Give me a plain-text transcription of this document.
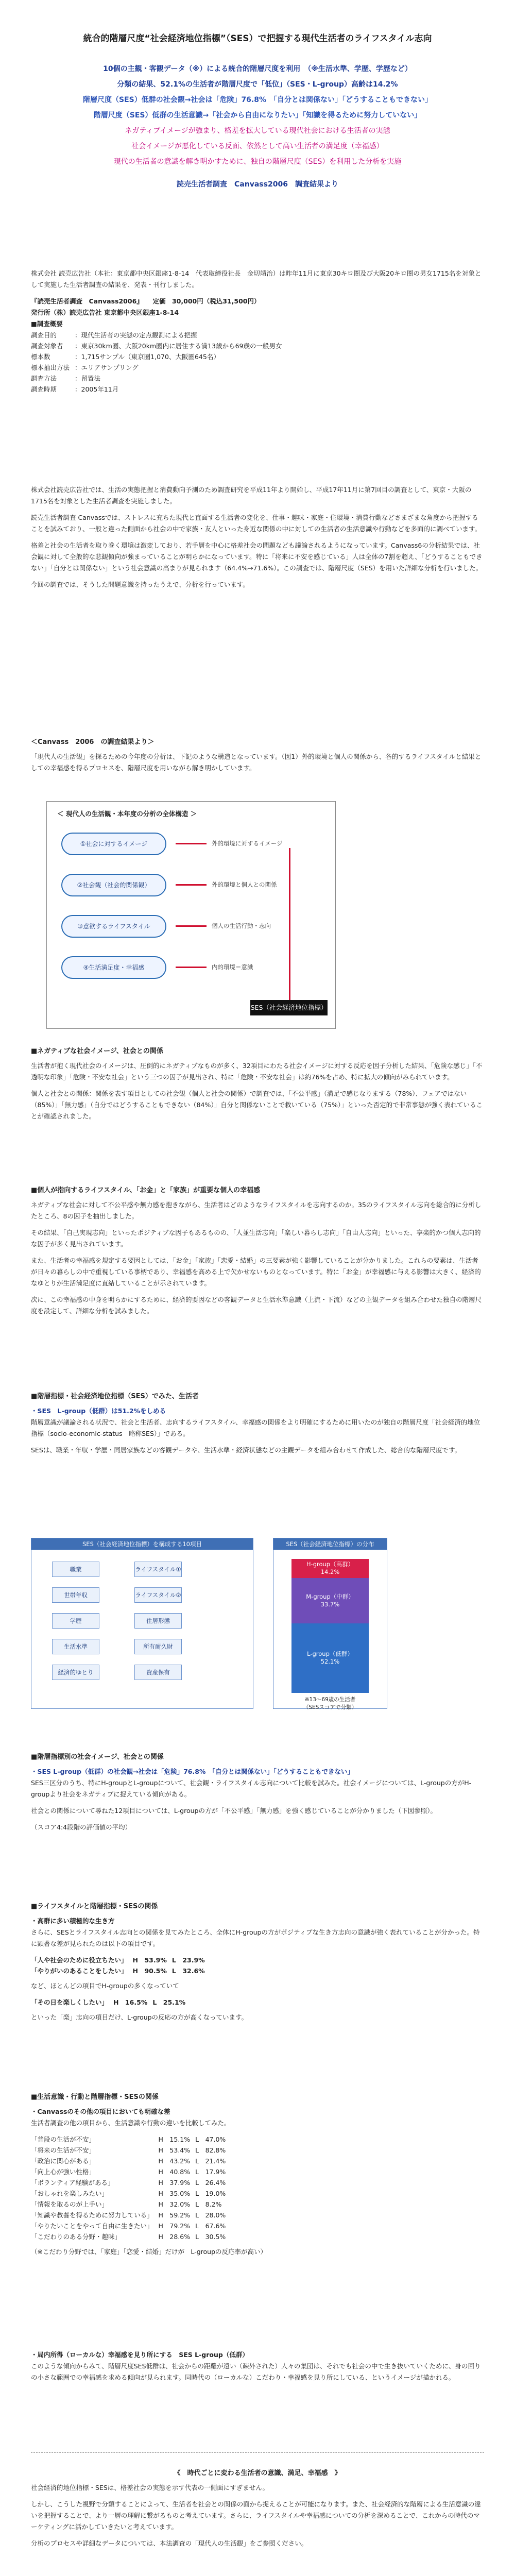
統合的階層尺度“社会経済地位指標”（SES）で把握する現代生活者のライフスタイル志向
10個の主観・客観データ（※）による統合的階層尺度を利用　（※生活水準、学歴、学歴など）
分類の結果、52.1%の生活者が階層尺度で「低位」（SES・L-group）高齢は14.2%
階層尺度（SES）低群の社会観→社会は「危険」76.8%　「自分とは関係ない」「どうすることもできない」
階層尺度（SES）低群の生活意識→「社会から自由になりたい」「知識を得るために努力していない」
ネガティブイメージが強まり、格差を拡大している現代社会における生活者の実態
社会イメージが悪化している反面、依然として高い生活者の満足度（幸福感）
現代の生活者の意識を解き明かすために、独自の階層尺度（SES）を利用した分析を実施
読売生活者調査　Canvass2006　調査結果より

株式会社 読売広告社（本社：東京都中央区銀座1-8-14　代表取締役社長　金切靖治）は昨年11月に東京30キロ圏及び大阪20キロ圏の男女1715名を対象として実施した生活者調査の結果を、発表・刊行しました。

『読売生活者調査　Canvass2006』　　定価　30,000円（税込31,500円）
発行所（株）読売広告社 東京都中央区銀座1-8-14
■調査概要
調査目的	：現代生活者の実態の定点観測による把握
調査対象者	：東京30km圏、大阪20km圏内に居住する満13歳から69歳の一般男女
標本数	：1,715サンプル（東京圏1,070、大阪圏645名）
標本抽出方法	：エリアサンプリング
調査方法	：留置法
調査時期	：2005年11月

株式会社読売広告社では、生活の実態把握と消費動向予測のため調査研究を平成11年より開始し、平成17年11月に第7回目の調査として、東京・大阪の1715名を対象とした生活者調査を実施しました。

読売生活者調査 Canvassでは、ストレスに充ちた現代と直面する生活者の変化を、仕事・趣味・家庭・住環境・消費行動などさまざまな角度から把握することを試みており、一般と違った側面から社会の中で家族・友人といった身近な関係の中に対しての生活者の生活意識や行動などを多面的に調べています。

格差と社会の生活者を取り巻く環境は激変しており、若手層を中心に格差社会の問題なども議論されるようになっています。Canvass6の分析結果では、社会観に対して全般的な悲観傾向が強まっていることが明らかになっています。特に「将来に不安を感じている」人は全体の7割を超え、「どうすることもできない」「自分とは関係ない」という社会意識の高まりが見られます（64.4%→71.6%）。この調査では、階層尺度（SES）を用いた詳細な分析を行いました。

今回の調査では、そうした問題意識を持ったうえで、分析を行っています。

＜Canvass　2006　の調査結果より＞

「現代人の生活観」を探るための今年度の分析は、下記のような構造となっています。（図1）外的環境と個人の関係から、各的するライフスタイルと結果としての幸福感を得るプロセスを、階層尺度を用いながら解き明かしています。

＜ 現代人の生活観・本年度の分析の全体構造 ＞
①社会に対するイメージ
②社会観（社会的関係観）
③意欲するライフスタイル
④生活満足度・幸福感
外的環境に対するイメージ
外的環境と個人との関係
個人の生活行動・志向
内的環境＝意識
SES（社会経済地位指標）
■ネガティブな社会イメージ、社会との関係

生活者が抱く現代社会のイメージは、圧倒的にネガティブなものが多く、32項目にわたる社会イメージに対する反応を因子分析した結果、「危険な感じ」「不透明な印象」「危険・不安な社会」という三つの因子が見出され、特に「危険・不安な社会」は約76%を占め、特に拡大の傾向がみられています。

個人と社会との関係：関係を表す項目としての社会観（個人と社会の関係）で調査では、「不公平感」（満足で感じなりまする（78%）、フェアではない（85%）」「無力感」（自分ではどうすることもできない（84%）」自分と関係ないことで救いている（75%）」といった否定的で非常事態が強く表れていることが確認されました。

■個人が指向するライフスタイル、「お金」と「家族」が重要な個人の幸福感

ネガティブな社会に対して不公平感や無力感を抱きながら、生活者はどのようなライフスタイルを志向するのか。35のライフスタイル志向を総合的に分析したところ、8の因子を抽出しました。

その結果、「自己実現志向」といったポジティブな因子もあるものの、「人並生活志向」「楽しい暮らし志向」「自由人志向」といった、享楽的かつ個人志向的な因子が多く見出されています。

また、生活者の幸福感を規定する要因としては、「お金」「家族」「恋愛・結婚」の三要素が強く影響していることが分かりました。これらの要素は、生活者が日々の暮らしの中で重視している事柄であり、幸福感を高める上で欠かせないものとなっています。特に「お金」が幸福感に与える影響は大きく、経済的なゆとりが生活満足度に直結していることが示されています。

次に、この幸福感の中身を明らかにするために、経済的要因などの客観データと生活水準意識（上流・下流）などの主観データを組み合わせた独自の階層尺度を設定して、詳細な分析を試みました。

■階層指標・社会経済地位指標（SES）でみた、生活者
・SES　L-group（低群）は51.2%をしめる

階層意識が議論される状況で、社会と生活者、志向するライフスタイル、幸福感の関係をより明確にするために用いたのが独自の階層尺度「社会経済的地位指標（socio-economic-status　略称SES）」である。

SESは、職業・年収・学歴・同居家族などの客観データや、生活水準・経済状態などの主観データを組み合わせて作成した、総合的な階層尺度です。

SES（社会経済地位指標）を構成する10項目
職業	ライフスタイル①
世帯年収	ライフスタイル②
学歴	住居形態
生活水準	所有耐久財
経済的ゆとり	資産保有
SES（社会経済地位指標）の分布
H-group（高群）
14.2%
M-group（中群）
33.7%
L-group（低群）
52.1%
※13〜69歳の生活者
（SESスコアで分類）
■階層指標別の社会イメージ、社会との関係
・SES L-group（低群）の社会観→社会は「危険」76.8%　「自分とは関係ない」「どうすることもできない」

SES三区分のうち、特にH-groupとL-groupについて、社会観・ライフスタイル志向について比較を試みた。社会イメージについては、L-groupの方がH-groupより社会をネガティブに捉えている傾向がある。

社会との関係について尋ねた12項目については、L-groupの方が「不公平感」「無力感」を強く感じていることが分かりました（下図参照）。

（スコア4:4段階の評価値の平均）

■ライフスタイルと階層指標・SESの関係
・高群に多い積極的な生き方

さらに、SESとライフスタイル志向との関係を見てみたところ、全体にH-groupの方がポジティブな生き方志向の意識が強く表れていることが分かった。特に顕著な差が見られたのは以下の項目です。

「人や社会のために役立ちたい」	H　53.9%	L　23.9%
「やりがいのあることをしたい」	H　90.5%	L　32.6%

など、ほとんどの項目でH-groupの多くなっていて

「その日を楽しくしたい」	H　16.5%	L　25.1%

といった「楽」志向の項目だけ、L-groupの反応の方が高くなっています。

■生活意識・行動と階層指標・SESの関係
・Canvassのその他の項目においても明確な差

生活者調査の他の項目から、生活意識や行動の違いを比較してみた。

「普段の生活が不安」	H　15.1%	L　47.0%
「将来の生活が不安」	H　53.4%	L　82.8%
「政治に関心がある」	H　43.2%	L　21.4%
「向上心が強い性格」	H　40.8%	L　17.9%
「ボランティア経験がある」	H　37.9%	L　26.4%
「おしゃれを楽しみたい」	H　35.0%	L　19.0%
「情報を取るのが上手い」	H　32.0%	L　8.2%
「知識や教養を得るために努力している」	H　59.2%	L　28.0%
「やりたいことをやって自由に生きたい」	H　79.2%	L　67.6%
「こだわりのある分野・趣味」	H　28.6%	L　30.5%

（※こだわり分野では、「家庭」「恋愛・結婚」だけが　L-groupの反応率が高い）

・局内所得（ローカルな）幸福感を見り所にする　SES L-group（低群）

このような傾向からみて、階層尺度SES低群は、社会からの距離が遠い（疎外された）人々の集団は、それでも社会の中で生き抜いていくために、身の回りの小さな範囲での幸福感を求める傾向が見られます。同時代の（ローカルな）こだわり・幸福感を見り所にしている、というイメージが描かれる。

《　時代ごとに変わる生活者の意識、満足、幸福感　》

社会経済的地位指標・SESは、格差社会の実態を示す代表の一側面にすぎません。

しかし、こうした視野で分類することによって、生活者を社会との関係の面から捉えることが可能になります。また、社会経済的な階層による生活意識の違いを把握することで、より一層の理解に繋がるものと考えています。さらに、ライフスタイルや幸福感についての分析を深めることで、これからの時代のマーケティングに活かしていきたいと考えています。

分析のプロセスや詳細なデータについては、本法調査の「現代人の生活観」をご参照ください。
